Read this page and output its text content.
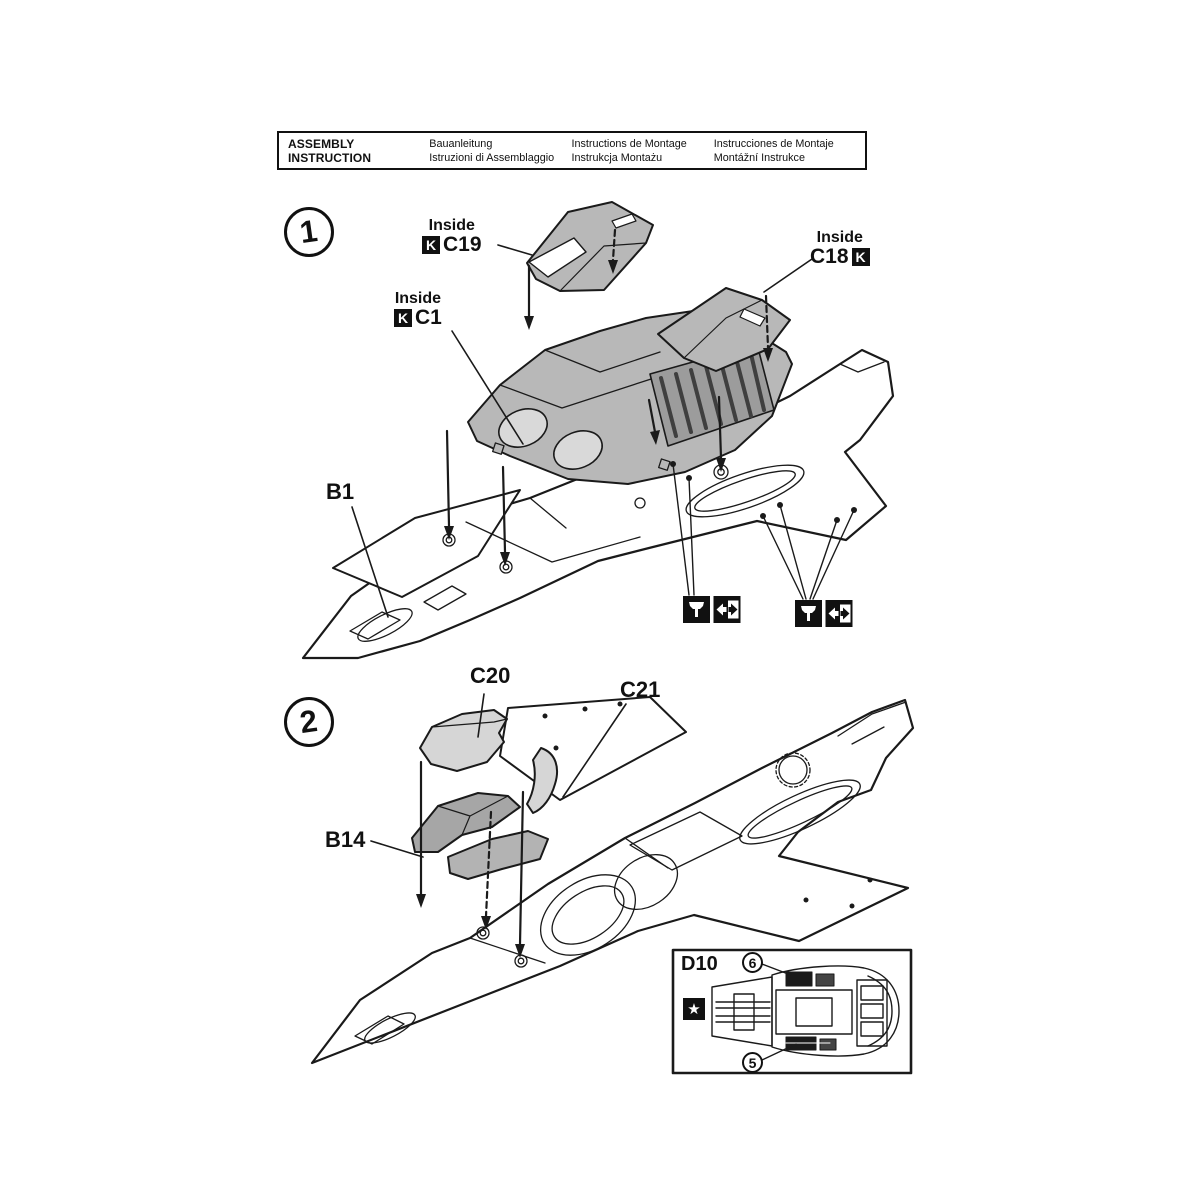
ASSEMBLY INSTRUCTION
Bauanleitung
Istruzioni di Assemblaggio
Instructions de Montage
Instrukcja Montażu
Instrucciones de Montaje
Montážní Instrukce
1
2
Inside
K C19
Inside
K C1
Inside
C18 K
B1
C20
C21
B14
D10
★
6
5
